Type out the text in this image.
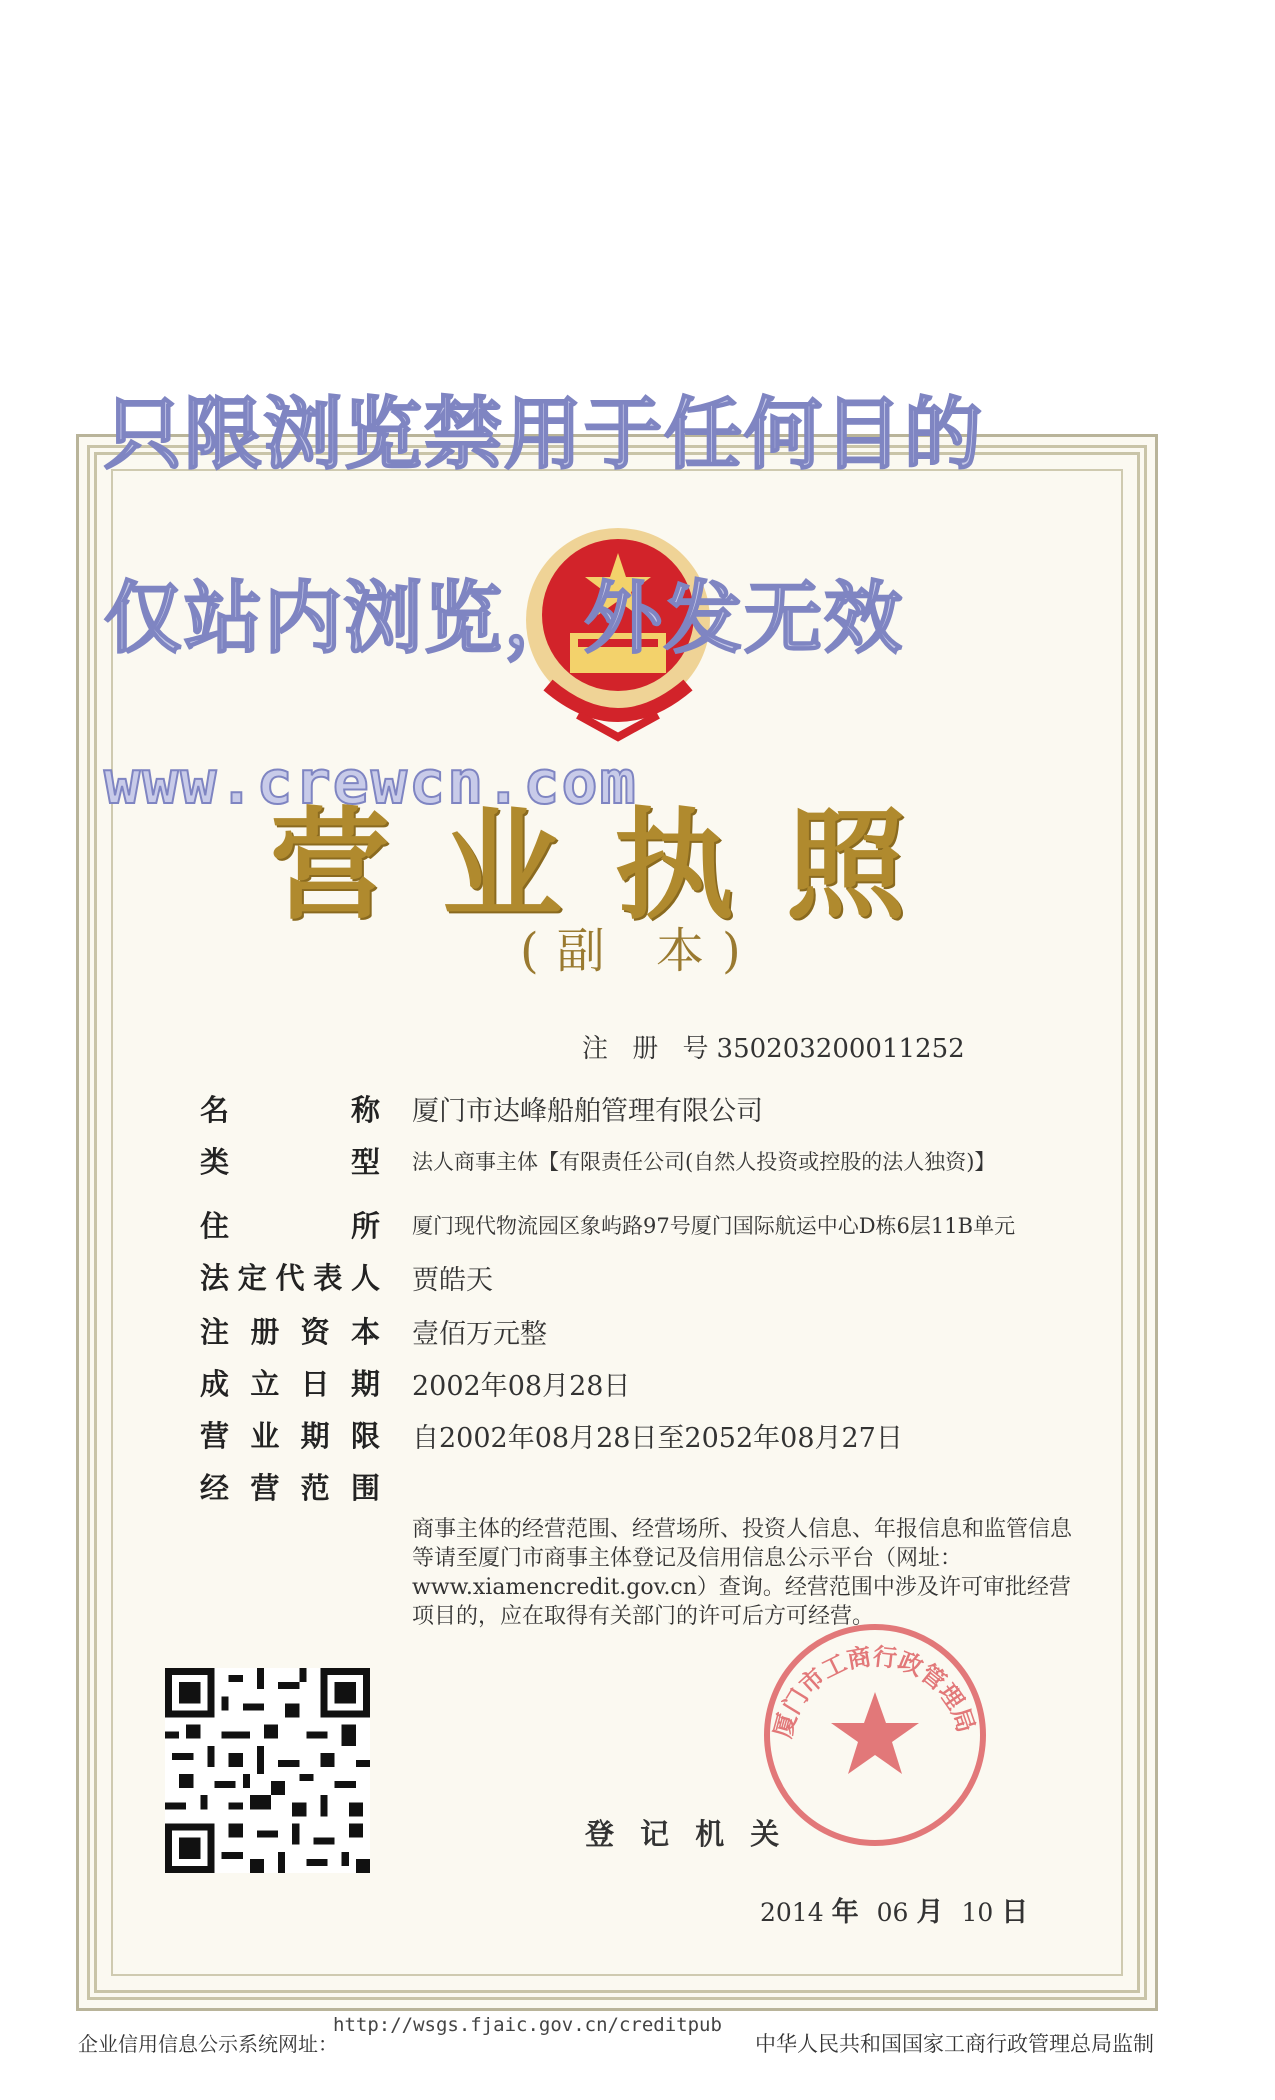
只限浏览禁用于任何目的
仅站内浏览，外发无效
www.crewcn.com
营业执照
(副 本)
注 册 号350203200011252
名	称 厦门市达峰船舶管理有限公司
类	型 法人商事主体【有限责任公司(自然人投资或控股的法人独资)】
住	所 厦门现代物流园区象屿路97号厦门国际航运中心D栋6层11B单元
法 定 代 表 人 贾皓天
注 册 资 本 壹佰万元整
成 立 日 期 2002年08月28日
营 业 期 限 自2002年08月28日至2052年08月27日
经 营 范 围
商事主体的经营范围、经营场所、投资人信息、年报信息和监管信息等请至厦门市商事主体登记及信用信息公示平台（网址：www.xiamencredit.gov.cn）查询。经营范围中涉及许可审批经营项目的，应在取得有关部门的许可后方可经营。
登 记 机 关
厦门市工商行政管理局
2014 年 06 月 10 日
企业信用信息公示系统网址：
http://wsgs.fjaic.gov.cn/creditpub
中华人民共和国国家工商行政管理总局监制
